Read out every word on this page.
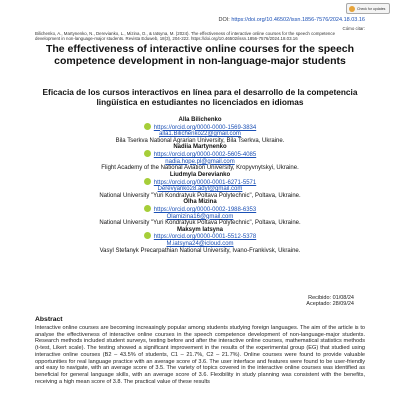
Check for updates
DOI: https://doi.org/10.46502/issn.1856-7576/2024.18.03.16
Cómo citar:
Bilichenko, A., Martynenko, N., Derevianko, L., Mizina, O., & Iatsyna, M. (2024). The effectiveness of interactive online courses for the speech competence
development in non-language-major students. Revista Eduweb, 18(3), 204-222. https://doi.org/10.46502/issn.1856-7576/2024.18.03.16
The effectiveness of interactive online courses for the speech competence development in non-language-major students
Eficacia de los cursos interactivos en línea para el desarrollo de la competencia lingüística en estudiantes no licenciados en idiomas
Alla Bilichenko
https://orcid.org/0000-0000-1569-3834
alla1.Bilichenko22@gmail.com
Bila Tserkva National Agrarian University, Bila Tserkva, Ukraine.
Nadiia Martynenko
https://orcid.org/0000-0002-5605-4085
nadia.hope.pl@gmail.com
Flight Academy of the National Aviation University, Kropyvnytskyi, Ukraine.
Liudmyla Derevianko
https://orcid.org/0000-0001-6271-5571
Derevyanko28.adyl@gmail.com
National University "Yuri Kondratyuk Poltava Polytechnic", Poltava, Ukraine.
Olha Mizina
https://orcid.org/0000-0002-1988-6353
Olamizina16@gmail.com
National University "Yuri Kondratyuk Poltava Polytechnic", Poltava, Ukraine.
Maksym Iatsyna
https://orcid.org/0000-0001-5512-5378
M.iatsyna24@icloud.com
Vasyl Stefanyk Precarpathian National University, Ivano-Frankivsk, Ukraine.
Recibido: 01/08/24
Aceptado: 28/09/24
Abstract
Interactive online courses are becoming increasingly popular among students studying foreign languages. The aim of the article is to analyse the effectiveness of interactive online courses in the speech competence development of non-language-major students. Research methods included student surveys, testing before and after the interactive online courses, mathematical statistics methods (t-test, Likert scale). The testing showed a significant improvement in the results of the experimental group (EG) that studied using interactive online courses (B2 – 43.5% of students, C1 – 21.7%, C2 – 21.7%). Online courses were found to provide valuable opportunities for real language practice with an average score of 3.6. The user interface and features were found to be user-friendly and easy to navigate, with an average score of 3.5. The variety of topics covered in the interactive online courses was identified as beneficial for general language skills, with an average score of 3.6. Flexibility in study planning was consistent with the benefits, receiving a high mean score of 3.8. The practical value of these results
